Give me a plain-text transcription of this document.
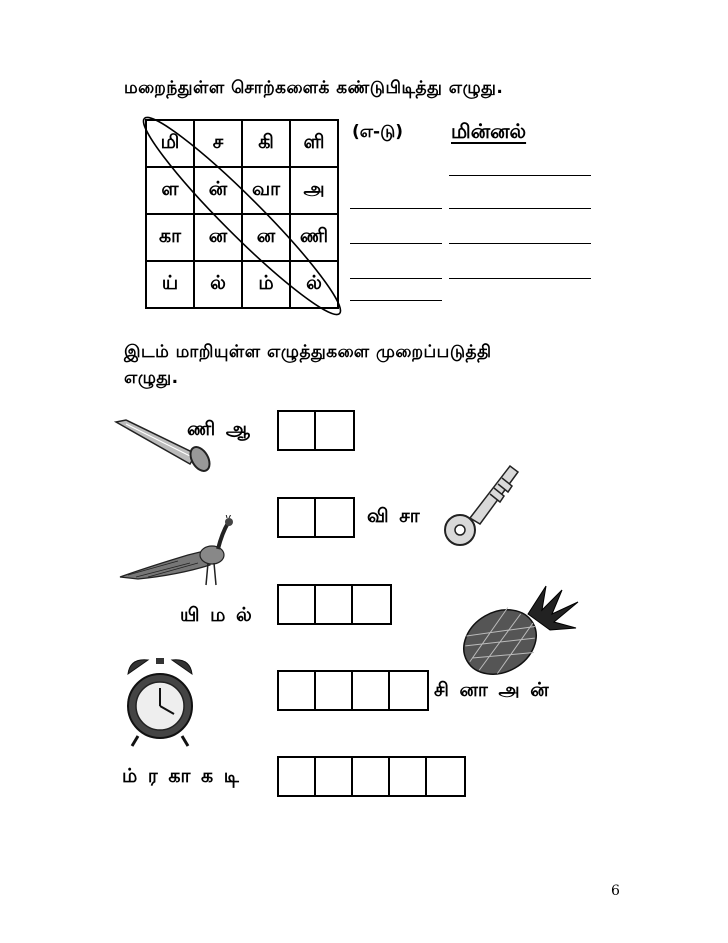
மறைந்துள்ள சொற்களைக் கண்டுபிடித்து எழுது.
மி	ச	கி	ளி
ள	ன்	வா	அ
கா	ன	ன	ணி
ய்	ல்	ம்	ல்
(எ-டு) மின்னல்
இடம் மாறியுள்ள எழுத்துகளை முறைப்படுத்தி
எழுது.
ணி ஆ
வி சா
யி ம ல்
சி னா அ ன்
ம் ர கா க டி
6
